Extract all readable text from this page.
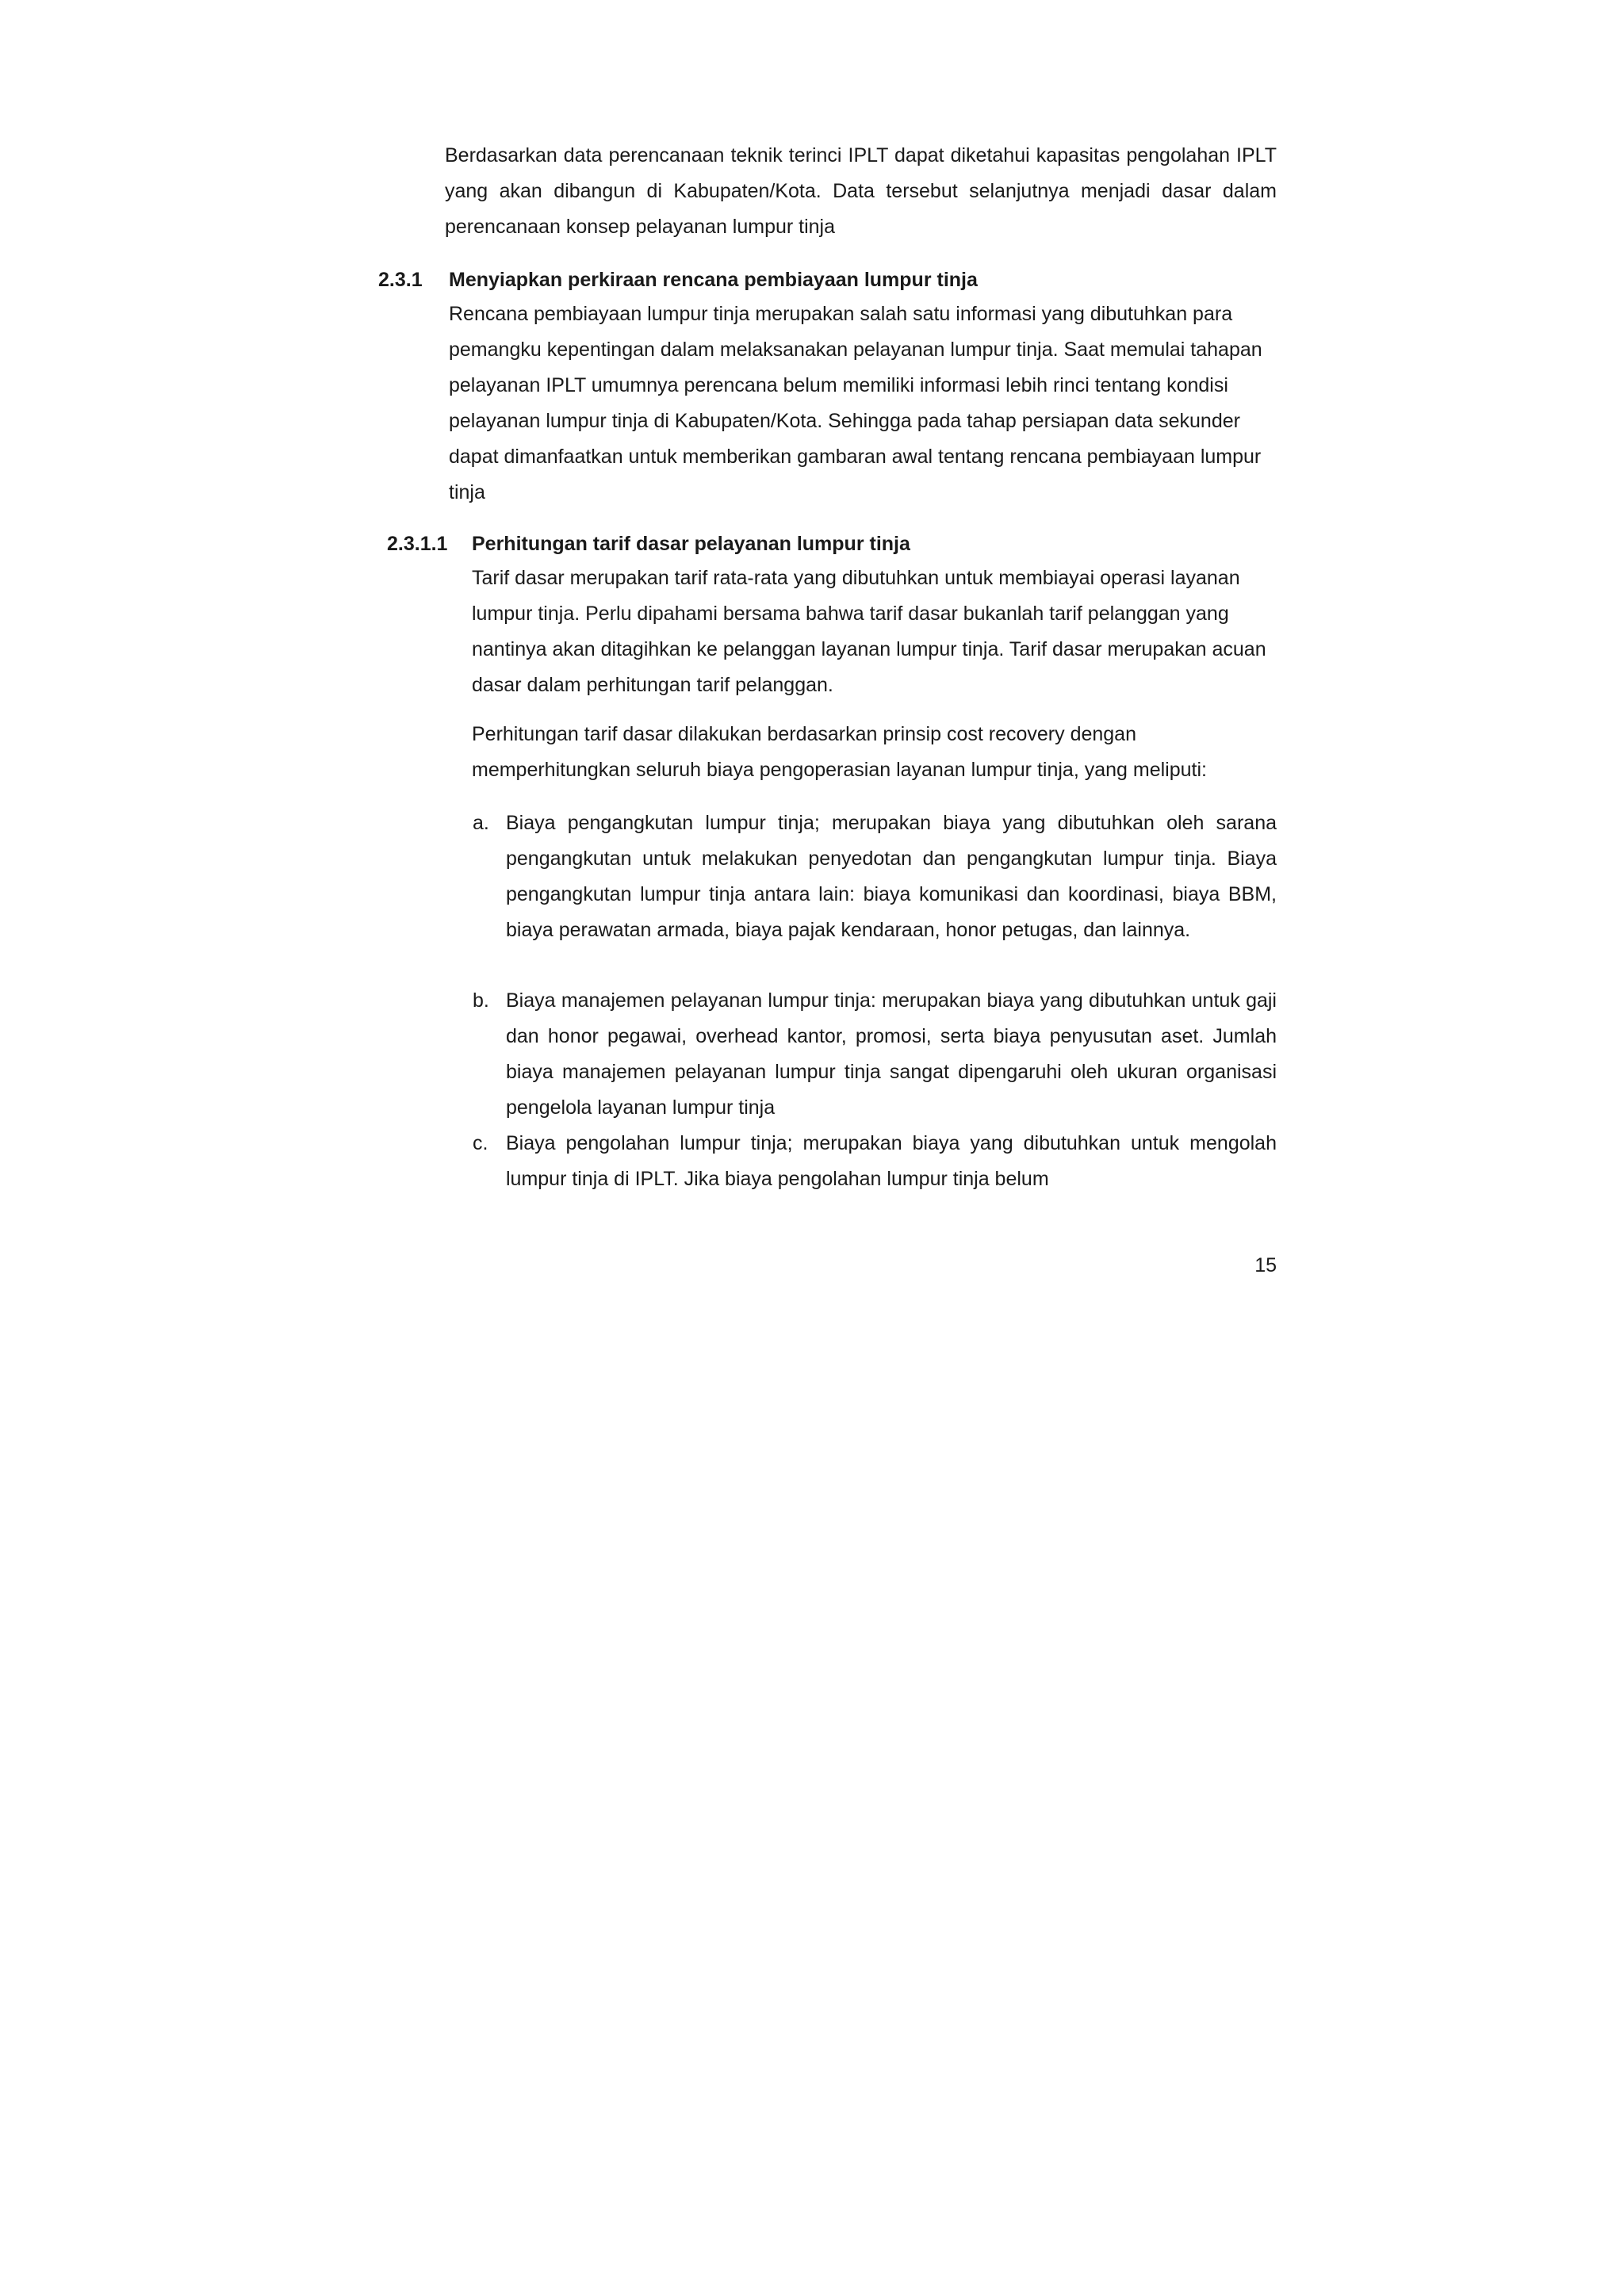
Berdasarkan data perencanaan teknik terinci IPLT dapat diketahui kapasitas pengolahan IPLT yang akan dibangun di Kabupaten/Kota. Data tersebut selanjutnya menjadi dasar dalam perencanaan konsep pelayanan lumpur tinja

2.3.1 Menyiapkan perkiraan rencana pembiayaan lumpur tinja

Rencana pembiayaan lumpur tinja merupakan salah satu informasi yang dibutuhkan para pemangku kepentingan dalam melaksanakan pelayanan lumpur tinja. Saat memulai tahapan pelayanan IPLT umumnya perencana belum memiliki informasi lebih rinci tentang kondisi pelayanan lumpur tinja di Kabupaten/Kota. Sehingga pada tahap persiapan data sekunder dapat dimanfaatkan untuk memberikan gambaran awal tentang rencana pembiayaan lumpur tinja

2.3.1.1 Perhitungan tarif dasar pelayanan lumpur tinja

Tarif dasar merupakan tarif rata-rata yang dibutuhkan untuk membiayai operasi layanan lumpur tinja. Perlu dipahami bersama bahwa tarif dasar bukanlah tarif pelanggan yang nantinya akan ditagihkan ke pelanggan layanan lumpur tinja. Tarif dasar merupakan acuan dasar dalam perhitungan tarif pelanggan.

Perhitungan tarif dasar dilakukan berdasarkan prinsip cost recovery dengan memperhitungkan seluruh biaya pengoperasian layanan lumpur tinja, yang meliputi:

a. Biaya pengangkutan lumpur tinja; merupakan biaya yang dibutuhkan oleh sarana pengangkutan untuk melakukan penyedotan dan pengangkutan lumpur tinja. Biaya pengangkutan lumpur tinja antara lain: biaya komunikasi dan koordinasi, biaya BBM, biaya perawatan armada, biaya pajak kendaraan, honor petugas, dan lainnya.

b. Biaya manajemen pelayanan lumpur tinja: merupakan biaya yang dibutuhkan untuk gaji dan honor pegawai, overhead kantor, promosi, serta biaya penyusutan aset. Jumlah biaya manajemen pelayanan lumpur tinja sangat dipengaruhi oleh ukuran organisasi pengelola layanan lumpur tinja

c. Biaya pengolahan lumpur tinja; merupakan biaya yang dibutuhkan untuk mengolah lumpur tinja di IPLT. Jika biaya pengolahan lumpur tinja belum

15
